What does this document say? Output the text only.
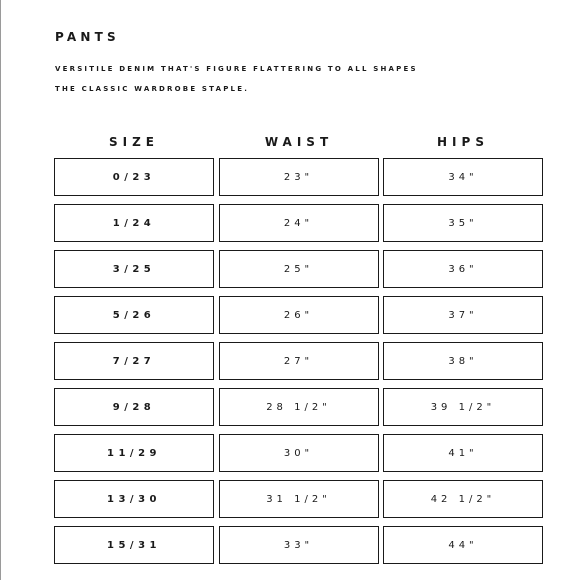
PANTS
VERSITILE DENIM THAT'S FIGURE FLATTERING TO ALL SHAPES
THE CLASSIC WARDROBE STAPLE.
SIZE	WAIST	HIPS
0/23	23"	34"
1/24	24"	35"
3/25	25"	36"
5/26	26"	37"
7/27	27"	38"
9/28	28 1/2"	39 1/2"
11/29	30"	41"
13/30	31 1/2"	42 1/2"
15/31	33"	44"
